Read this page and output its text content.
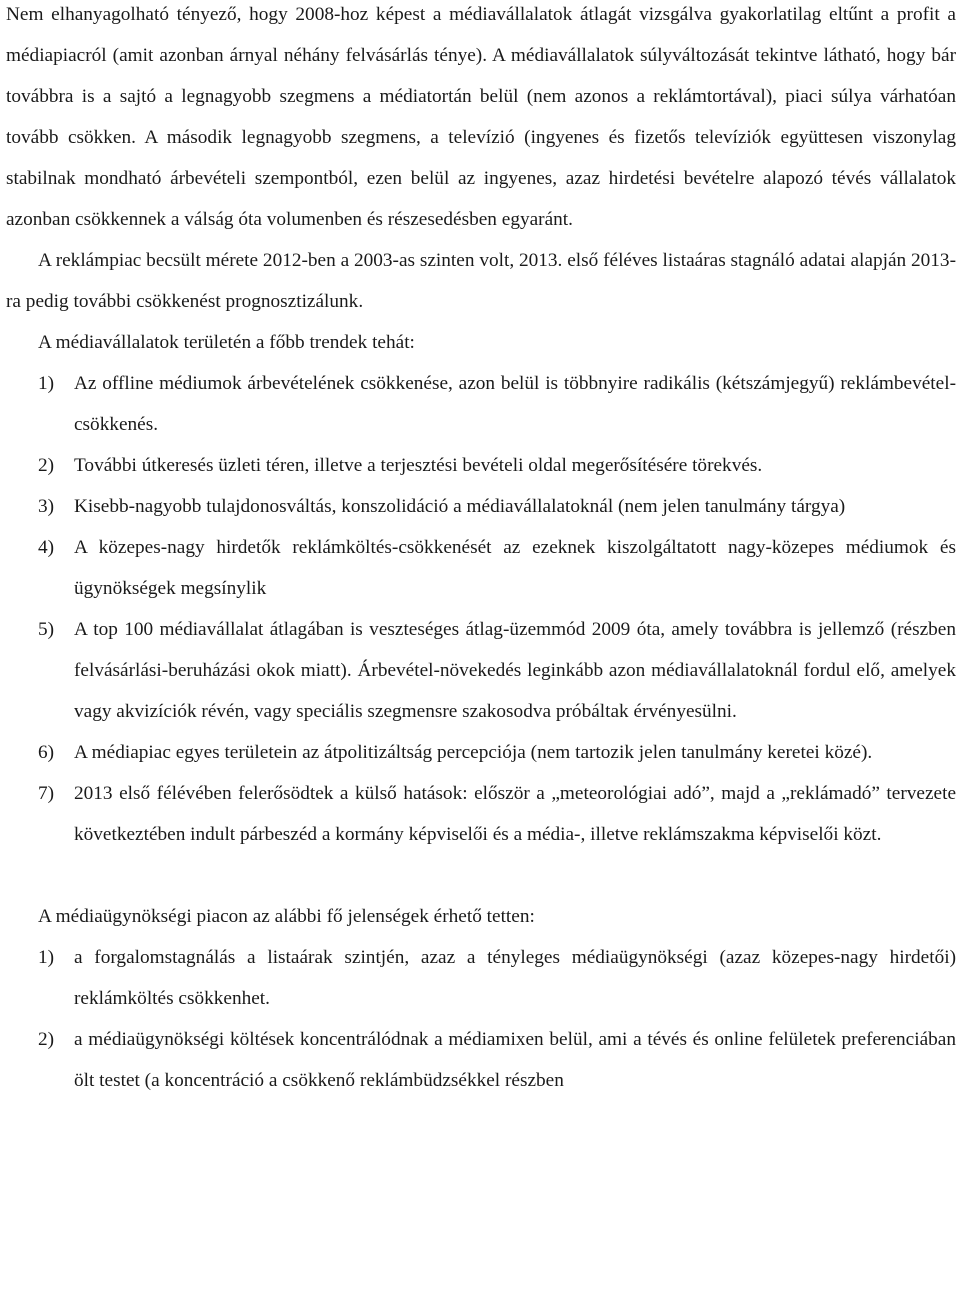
Nem elhanyagolható tényező, hogy 2008-hoz képest a médiavállalatok átlagát vizsgálva gyakorlatilag eltűnt a profit a médiapiacról (amit azonban árnyal néhány felvásárlás ténye). A médiavállalatok súlyváltozását tekintve látható, hogy bár továbbra is a sajtó a legnagyobb szegmens a médiatortán belül (nem azonos a reklámtortával), piaci súlya várhatóan tovább csökken. A második legnagyobb szegmens, a televízió (ingyenes és fizetős televíziók együttesen viszonylag stabilnak mondható árbevételi szempontból, ezen belül az ingyenes, azaz hirdetési bevételre alapozó tévés vállalatok azonban csökkennek a válság óta volumenben és részesedésben egyaránt.

A reklámpiac becsült mérete 2012-ben a 2003-as szinten volt, 2013. első féléves listaáras stagnáló adatai alapján 2013-ra pedig további csökkenést prognosztizálunk.

A médiavállalatok területén a főbb trendek tehát:

1) Az offline médiumok árbevételének csökkenése, azon belül is többnyire radikális (kétszámjegyű) reklámbevétel-csökkenés.
2) További útkeresés üzleti téren, illetve a terjesztési bevételi oldal megerősítésére törekvés.
3) Kisebb-nagyobb tulajdonosváltás, konszolidáció a médiavállalatoknál (nem jelen tanulmány tárgya)
4) A közepes-nagy hirdetők reklámköltés-csökkenését az ezeknek kiszolgáltatott nagy-közepes médiumok és ügynökségek megsínylik
5) A top 100 médiavállalat átlagában is veszteséges átlag-üzemmód 2009 óta, amely továbbra is jellemző (részben felvásárlási-beruházási okok miatt). Árbevétel-növekedés leginkább azon médiavállalatoknál fordul elő, amelyek vagy akvizíciók révén, vagy speciális szegmensre szakosodva próbáltak érvényesülni.
6) A médiapiac egyes területein az átpolitizáltság percepciója (nem tartozik jelen tanulmány keretei közé).
7) 2013 első félévében felerősödtek a külső hatások: először a „meteorológiai adó”, majd a „reklámadó” tervezete következtében indult párbeszéd a kormány képviselői és a média-, illetve reklámszakma képviselői közt.

A médiaügynökségi piacon az alábbi fő jelenségek érhető tetten:

1) a forgalomstagnálás a listaárak szintjén, azaz a tényleges médiaügynökségi (azaz közepes-nagy hirdetői) reklámköltés csökkenhet.
2) a médiaügynökségi költések koncentrálódnak a médiamixen belül, ami a tévés és online felületek preferenciában ölt testet (a koncentráció a csökkenő reklámbüdzsékkel részben
